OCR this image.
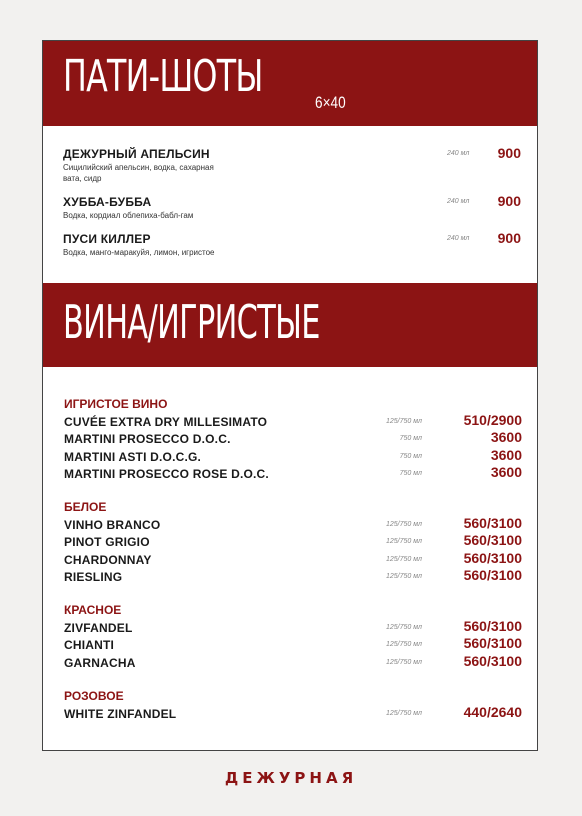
ПАТИ-ШОТЫ
6×40
ДЕЖУРНЫЙ АПЕЛЬСИН
Сицилийский апельсин, водка, сахарная вата, сидр
240 мл 900
ХУББА-БУББА
Водка, кордиал облепиха-бабл-гам
240 мл 900
ПУСИ КИЛЛЕР
Водка, манго-маракуйя, лимон, игристое
240 мл 900
ВИНА/ИГРИСТЫЕ
ИГРИСТОЕ ВИНО
CUVÉE EXTRA DRY MILLESIMATO	125/750 мл	510/2900
MARTINI PROSECCO D.O.C.	750 мл	3600
MARTINI ASTI D.O.C.G.	750 мл	3600
MARTINI PROSECCO ROSE D.O.C.	750 мл	3600
БЕЛОЕ
VINHO BRANCO	125/750 мл	560/3100
PINOT GRIGIO	125/750 мл	560/3100
CHARDONNAY	125/750 мл	560/3100
RIESLING	125/750 мл	560/3100
КРАСНОЕ
ZIVFANDEL	125/750 мл	560/3100
CHIANTI	125/750 мл	560/3100
GARNACHA	125/750 мл	560/3100
РОЗОВОЕ
WHITE ZINFANDEL	125/750 мл	440/2640
ДЕЖУРНАЯ
